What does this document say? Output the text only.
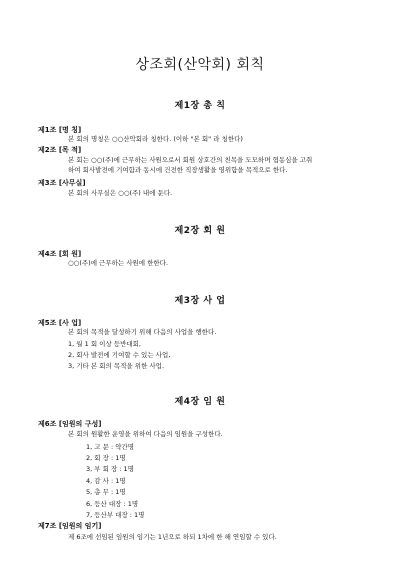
상조회(산악회) 회칙
제1장 총 칙
제1조 [명 칭]
본 회의 명칭은 ○○산악회라 칭한다. (이하 "본 회" 라 칭한다)
제2조 [목 적]
본 회는 ○○(주)에 근무하는 사원으로서 회원 상호간의 친목을 도모하며 협동심을 고취
하여 회사발전에 기여함과 동시에 건전한 직장생활을 영위함을 목적으로 한다.
제3조 [사무실]
본 회의 사무실은 ○○(주) 내에 둔다.
제2장 회 원
제4조 [회 원]
○○(주)에 근무하는 사원에 한한다.
제3장 사 업
제5조 [사 업]
본 회의 목적을 달성하기 위해 다음의 사업을 행한다.
1, 월 1 회 이상 등반대회,
2, 회사 발전에 기여할 수 있는 사업,
3, 기타 본 회의 목적을 위한 사업.
제4장 임 원
제6조 [임원의 구성]
본 회의 원활한 운영을 위하여 다음의 임원을 구성한다.
1, 고 문 : 약간명
2, 회 장 : 1명
3, 부 회 장 : 1명
4, 감 사 : 1명
5, 총 무 : 1명
6, 등산 대장 : 1명
7, 등산부 대장 : 1명
제7조 [임원의 임기]
제 6조에 선임된 임원의 임기는 1년으로 하되 1차에 한 해 연임할 수 있다.
